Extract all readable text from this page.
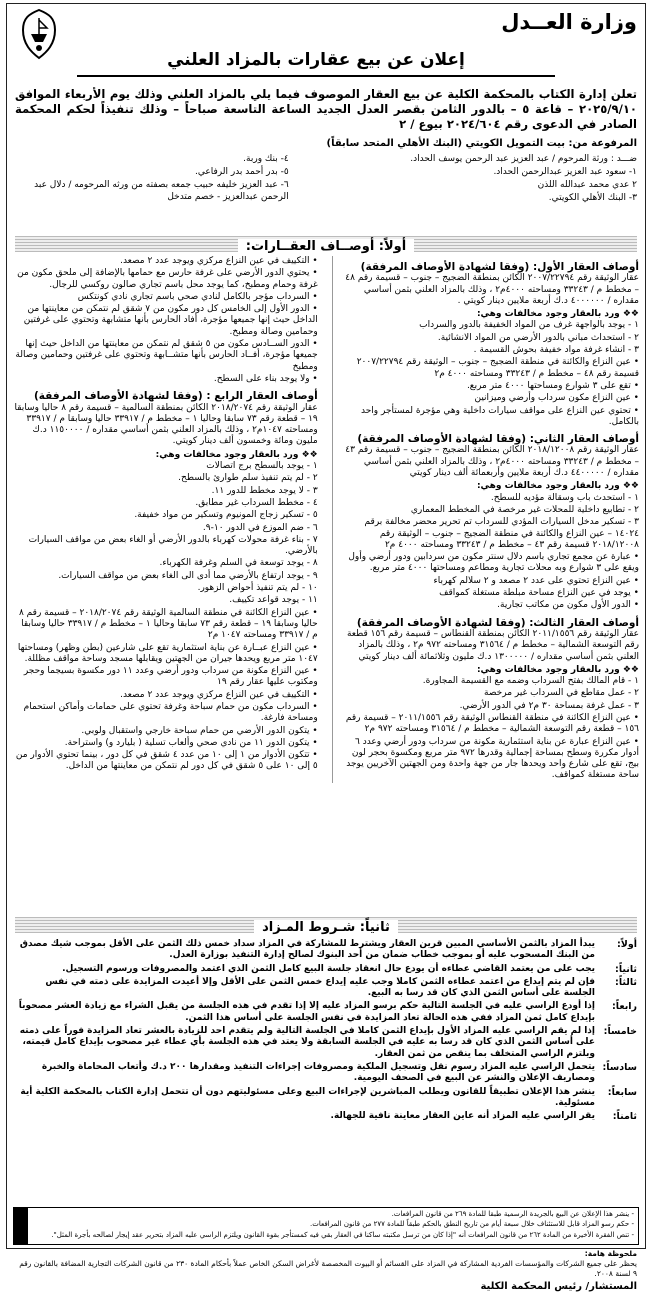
وزارة العــدل
إعلان عن بيع عقارات بالمزاد العلني
تعلن إدارة الكتاب بالمحكمة الكلية عن بيع العقار الموصوف فيما يلي بالمزاد العلني وذلك يوم الأربعاء الموافق ٢٠٢٥/٩/١٠ – قاعة ٥ – بالدور الثامن بقصر العدل الجديد الساعة التاسعة صباحاً – وذلك تنفيذاً لحكم المحكمة الصادر في الدعوى رقم ٢٠٢٤/٦٠٤ بيوع / ٢
المرفوعة من: بيت التمويل الكويتي (البنك الأهلي المتحد سابقاً)

ضـــد : ورثة المرحوم / عبد العزيز عبد الرحمن يوسف الحداد.

١- سعود عبد العزيز عبدالرحمن الحداد.

٢ عدي محمد عبدالله اللذن

٣- البنك الأهلي الكويتي.

٤- بنك وربة.

٥- بدر أحمد بدر الرفاعي.

٦- عبد العزيز خليفه حبيب جمعه بصفته من ورثه المرحومه / دلال عبد الرحمن عبدالعزيز - خصم متدخل

أولاً: أوصــاف العقــارات:
أوصاف العقار الأول: (وفقا لشهادة الأوصاف المرفقة)

عقار الوثيقة رقم ٢٠٠٧/٢٢٧٩٤ الكائن بمنطقة الضجيج – جنوب – قسيمة رقم ٤٨ – مخطط م / ٣٣٢٤٣ ومساحته ٤٠٠٠م٢ ، وذلك بالمزاد العلني بثمن أساسي مقداره / ٤٠٠٠٠٠٠ د.ك أربعة ملايين دينار كويتي .

❖❖ ورد بالعقار وجود مخالفات وهي:

١ - يوجد بالواجهة غرف من المواد الخفيفة بالدور والسرداب

٢ - استحداث مباني بالدور الأرضي من المواد الانشائية.

٣ - انشاء غرفة مواد خفيفة بحوش القسيمة .

• عين النزاع والكائنة في منطقة الضجيج – جنوب – الوثيقة رقم ٢٠٠٧/٢٢٧٩٤ قسيمة رقم ٤٨ – مخطط م / ٣٣٢٤٣ ومساحته ٤٠٠٠ م٢

• تقع على ٣ شوارع ومساحتها ٤٠٠٠ متر مربع.

• عين النزاع مكون سرداب وأرضي وميزانين

• تحتوي عين النزاع على مواقف سيارات داخلية وهي مؤجرة لمستأجر واحد بالكامل.

أوصاف العقار الثاني: (وفقا لشهادة الأوصاف المرفقة)

عقار الوثيقة رقم ٢٠١٨/١٢٠٠٨ الكائن بمنطقة الضجيج – جنوب – قسيمة رقم ٤٣ – مخطط م / ٣٣٢٤٣ ومساحته ٤٠٠٠م٢ ، وذلك بالمزاد العلني بثمن أساسي مقداره / ٤٤٠٠٠٠٠ د.ك أربعة ملايين وأربعمائة ألف دينار كويتي

❖❖ ورد بالعقار وجود مخالفات وهي:

١ - استحدث باب وسقالة مؤديه للسطح.

٢ - تطابيع داخلية للمحلات غير مرخصة في المخطط المعماري

٣ - تسكير مدخل السيارات المؤدي للسرداب تم تحرير محضر مخالفة برقم ١٤٠٢٤ – عين النزاع والكائنة في منطقة الضجيج – جنوب – الوثيقة رقم ٢٠١٨/١٢٠٠٨ قسيمة رقم ٤٣ – مخطط م / ٣٣٢٤٣ ومساحته ٤٠٠٠ م٢

• عبارة عن مجمع تجاري باسم دلال سنتر مكون من سردابين ودور أرضي وأول ويقع على ٣ شوارع وبه محلات تجارية ومطاعم ومساحتها ٤٠٠٠ متر مربع.

• عين النزاع تحتوي على عدد ٢ مصعد و ٢ سلالم كهرباء

• يوجد في عين النزاع مساحة مبلطة مستغلة كمواقف

• الدور الأول مكون من مكاتب تجارية.

أوصاف العقار الثالث: (وفقا لشهادة الأوصاف المرفقة)

عقار الوثيقة رقم ٢٠١١/١٥٥٦ الكائن بمنطقة القنطاس – قسيمة رقم ١٥٦ قطعة رقم التوسعة الشمالية – مخطط م / ٣١٥٦٤ ومساحته ٩٧٢ م٢ ، وذلك بالمزاد العلني بثمن أساسي مقداره / ١٣٠٠٠٠٠ د.ك مليون وثلاثمائة ألف دينار كويتي

❖❖ ورد بالعقار وجود مخالفات وهي:

١ - قام المالك بفتح السرداب وضمه مع القسيمة المجاورة.

٢ - عمل مقاطع في السرداب غير مرخصة

٣ - عمل غرفة بمساحة ٣٠ م٢ في الدور الأرضي.

• عين النزاع الكائنة في منطقة القنطاس الوثيقة رقم ٢٠١١/١٥٥٦ – قسيمة رقم ١٥٦ – قطعة رقم التوسعة الشمالية – مخطط م / ٣١٥٦٤ ومساحته ٩٧٢ م٢

• عين النزاع عبارة عن بناية استثمارية مكونة من سرداب ودور أرضي وعدد ٦ أدوار مكررة وسطح بمساحة إجمالية وقدرها ٩٧٢ متر مربع ومكسوة بحجر لون بيج، تقع على شارع واحد ويحدها جار من جهة واحدة ومن الجهتين الآخريين يوجد ساحة مستغلة كمواقف.

• التكييف في عين النزاع مركزي ويوجد عدد ٢ مصعد.

• يحتوي الدور الأرضي على غرفة حارس مع حمامها بالإضافة إلى ملحق مكون من غرفة وحمام ومطبخ، كما يوجد محل باسم تجاري صالون روكسي للرجال.

• السرداب مؤجر بالكامل لنادي صحي باسم تجاري نادي كونتكس

• الدور الأول إلى الخامس كل دور مكون من ٧ شقق لم نتمكن من معاينتها من الداخل حيث إنها جميعها مؤجرة، أفاد الحارس بأنها متشابهة وتحتوي على غرفتين وحمامين وصالة ومطبخ.

• الدور الســادس مكون من ٥ شقق لم نتمكن من معاينتها من الداخل حيث إنها جميعها مؤجرة، أفــاد الحارس بأنها متشــابهة وتحتوي على غرفتين وحمامين وصالة ومطبخ

• ولا يوجد بناء على السطح.

أوصاف العقار الرابع : (وفقا لشهادة الأوصاف المرفقة)

عقار الوثيقة رقم ٢٠١٨/٢٠٧٤ الكائن بمنطقة السالمية – قسيمة رقم ٨ حاليا وسابقا ١٩ – قطعة رقم ٧٣ سابقا وحاليا ١ – مخطط م / ٣٣٩١٧ حاليا وسابقا م / ٣٣٩١٧ ومساحته ١٠٤٧م٢ ، وذلك بالمزاد العلني بثمن أساسي مقداره / ١١٥٠٠٠٠ د.ك مليون ومائة وخمسون ألف دينار كويتي.

❖❖ ورد بالعقار وجود مخالفات وهي:

١ - يوجد بالسطح برج اتصالات

٢ - لم يتم تنفيذ سلم طوارئ بالسطح.

٣ - لا يوجد مخطط للدور ١١.

٤ - مخطط السرداب غير مطابق.

٥ - تسكير زجاج المونيوم وتسكير من مواد خفيفة.

٦ - ضم الموزع في الدور ١٠-٩.

٧ - بناء غرفة محولات كهرباء بالدور الأرضي أو الغاء بعض من مواقف السيارات بالأرضي.

٨ - يوجد توسعة في السلم وغرفة الكهرباء.

٩ - يوجد ارتفاع بالأرضي مما أدى الى الغاء بعض من مواقف السيارات.

١٠ - لم يتم تنفيذ أحواض الزهور.

١١ - يوجد قواعد تكييف.

• عين النزاع الكائنة في منطقة السالمية الوثيقة رقم ٢٠١٨/٢٠٧٤ – قسيمة رقم ٨ حاليا وسابقا ١٩ – قطعة رقم ٧٣ سابقا وحاليا ١ – مخطط م / ٣٣٩١٧ حاليا وسابقا م / ٣٣٩١٧ ومساحته ١٠٤٧ م٢

• عين النزاع عبــارة عن بناية استثمارية تقع على شارعين (بطن وظهر) ومساحتها ١٠٤٧ متر مربع ويحدها جيران من الجهتين ويقابلها مسجد وساحة مواقف مظللة.

• عين النزاع مكونة من سرداب ودور أرضي وعدد ١١ دور مكسوة بسيجما وحجر ومكتوب عليها عقار رقم ١٩

• التكييف في عين النزاع مركزي ويوجد عدد ٢ مصعد.

• السرداب مكون من حمام سباحة وغرفة تحتوي على حمامات وأماكن استحمام ومساحة فارغة.

• يتكون الدور الأرضي من حمام سباحة خارجي واستقبال ولوبي.

• يتكون الدور ١١ من نادي صحي وألعاب تسلية ( بليارد و) واستراحة.

• تتكون الأدوار من ١ إلى ١٠ من عدد ٤ شقق في كل دور ، بينما تحتوي الأدوار من ٥ إلى ١٠ على ٥ شقق في كل دور لم نتمكن من معاينتها من الداخل.

ثانياً: شـروط المـزاد
أولاً:
يبدأ المزاد بالثمن الأساسي المبين قرين العقار ويشترط للمشاركة في المزاد سداد خمس ذلك الثمن على الأقل بموجب شيك مصدق من البنك المسحوب عليه أو بموجب خطاب ضمان من أحد البنوك لصالح إدارة التنفيذ بوزارة العدل.
ثانياً:
يجب على من يعتمد القاضي عطاءه أن يودع حال انعقاد جلسة البيع كامل الثمن الذي اعتمد والمصروفات ورسوم التسجيل.
ثالثاً:
فإن لم يتم إيداع من اعتمد عطاءه الثمن كاملا وجب عليه إيداع خمس الثمن على الأقل وإلا أعيدت المزايدة على ذمته في نفس الجلسة على أساس الثمن الذي كان قد رسا به البيع.
رابعاً:
إذا أودع الراسي عليه في الجلسة التالية حكم برسو المزاد عليه إلا إذا تقدم في هذه الجلسة من يقبل الشراء مع زيادة العشر مصحوباً بإيداع كامل ثمن المزاد ففي هذه الحالة تعاد المزايدة في نفس الجلسة على أساس هذا الثمن.
خامساً:
إذا لم يقم الراسي عليه المزاد الأول بإيداع الثمن كاملا في الجلسة التالية ولم يتقدم احد للزيادة بالعشر تعاد المزايدة فوراً على ذمته على أساس الثمن الذي كان قد رسا به عليه في الجلسة السابقة ولا يعتد في هذه الجلسة بأي عطاء غير مصحوب بإيداع كامل قيمته، ويلتزم الراسي المتخلف بما ينقص من ثمن العقار.
سادساً:
يتحمل الراسي عليه المزاد رسوم نقل وتسجيل الملكية ومصروفات إجراءات التنفيذ ومقدارها ٢٠٠ د.ك وأتعاب المحاماة والخبرة ومصاريف الإعلان والنشر عن البيع في الصحف اليومية.
سابعاً:
ينشر هذا الإعلان تطبيقاً للقانون ويطلب المباشرين لإجراءات البيع وعلى مسئوليتهم دون أن تتحمل إدارة الكتاب بالمحكمة الكلية أية مسئولية.
ثامناً:
يقر الراسي عليه المزاد أنه عاين العقار معاينة نافية للجهالة.

- ينشر هذا الإعلان عن البيع بالجريدة الرسمية طبقا للمادة ٢٦٩ من قانون المرافعات.

- حكم رسو المزاد قابل للاستئناف خلال سبعة أيام من تاريخ النطق بالحكم طبقاً للمادة ٢٧٧ من قانون المرافعات.

- تنص الفقرة الأخيرة من المادة ٢٦٢ من قانون المرافعات أنه "إذا كان من ترسل مكتبته ساكنا في العقار بقي فيه كمستأجر بقوة القانون ويلتزم الراسي عليه المزاد بتحرير عقد إيجار لصالحه بأجرة المثل".

ملحوظة هامة:
يحظر على جميع الشركات والمؤسسات الفردية المشاركة في المزاد على القسائم أو البيوت المخصصة لأغراض السكن الخاص عملاً بأحكام المادة ٢٣٠ من قانون الشركات التجارية المضافة بالقانون رقم ٩ لسنة ٢٠٠٨.
المستشار/ رئيس المحكمة الكلية
